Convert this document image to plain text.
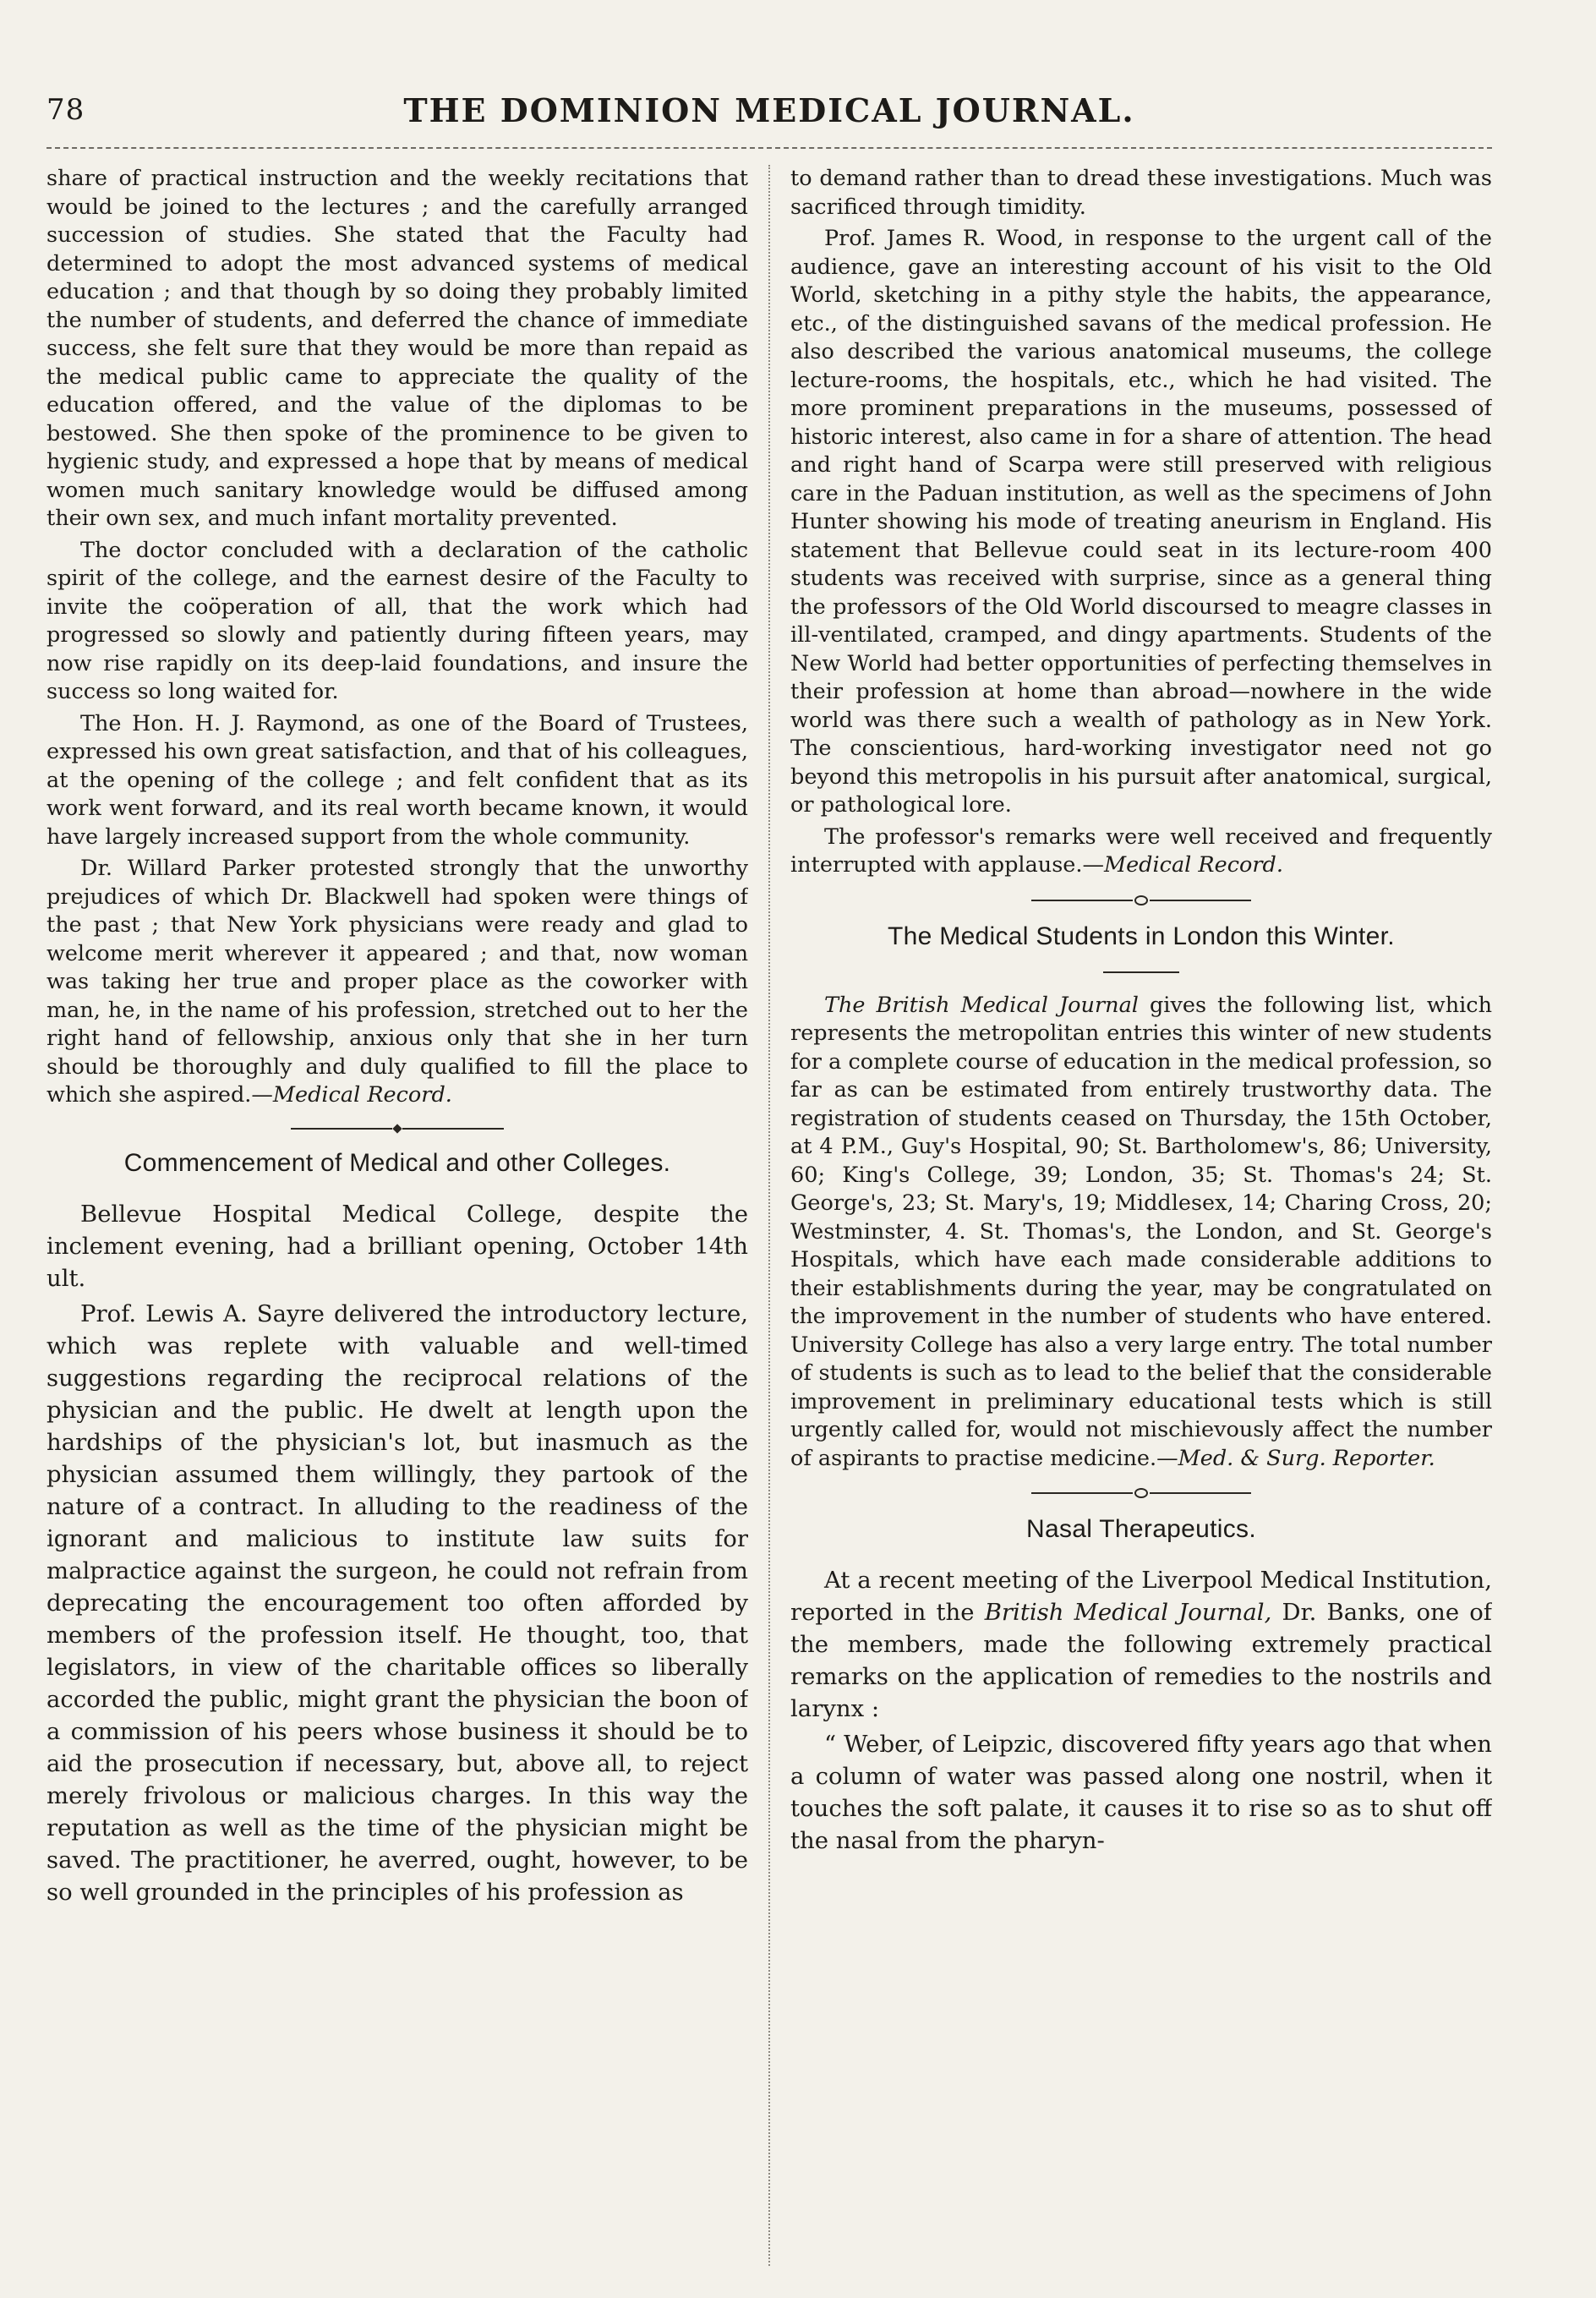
78	THE DOMINION MEDICAL JOURNAL.

share of practical instruction and the weekly recitations that would be joined to the lectures ; and the carefully arranged succession of studies. She stated that the Faculty had determined to adopt the most advanced systems of medical education ; and that though by so doing they probably limited the number of students, and deferred the chance of immediate success, she felt sure that they would be more than repaid as the medical public came to appreciate the quality of the education offered, and the value of the diplomas to be bestowed. She then spoke of the prominence to be given to hygienic study, and expressed a hope that by means of medical women much sanitary knowledge would be diffused among their own sex, and much infant mortality prevented.

The doctor concluded with a declaration of the catholic spirit of the college, and the earnest desire of the Faculty to invite the coöperation of all, that the work which had progressed so slowly and patiently during fifteen years, may now rise rapidly on its deep-laid foundations, and insure the success so long waited for.

The Hon. H. J. Raymond, as one of the Board of Trustees, expressed his own great satisfaction, and that of his colleagues, at the opening of the college ; and felt confident that as its work went forward, and its real worth became known, it would have largely increased support from the whole community.

Dr. Willard Parker protested strongly that the unworthy prejudices of which Dr. Blackwell had spoken were things of the past ; that New York physicians were ready and glad to welcome merit wherever it appeared ; and that, now woman was taking her true and proper place as the coworker with man, he, in the name of his profession, stretched out to her the right hand of fellowship, anxious only that she in her turn should be thoroughly and duly qualified to fill the place to which she aspired.—Medical Record.

Commencement of Medical and other Colleges.

Bellevue Hospital Medical College, despite the inclement evening, had a brilliant opening, October 14th ult.

Prof. Lewis A. Sayre delivered the introductory lecture, which was replete with valuable and well-timed suggestions regarding the reciprocal relations of the physician and the public. He dwelt at length upon the hardships of the physician's lot, but inasmuch as the physician assumed them willingly, they partook of the nature of a contract. In alluding to the readiness of the ignorant and malicious to institute law suits for malpractice against the surgeon, he could not refrain from deprecating the encouragement too often afforded by members of the profession itself. He thought, too, that legislators, in view of the charitable offices so liberally accorded the public, might grant the physician the boon of a commission of his peers whose business it should be to aid the prosecution if necessary, but, above all, to reject merely frivolous or malicious charges. In this way the reputation as well as the time of the physician might be saved. The practitioner, he averred, ought, however, to be so well grounded in the principles of his profession as

to demand rather than to dread these investigations. Much was sacrificed through timidity.

Prof. James R. Wood, in response to the urgent call of the audience, gave an interesting account of his visit to the Old World, sketching in a pithy style the habits, the appearance, etc., of the distinguished savans of the medical profession. He also described the various anatomical museums, the college lecture-rooms, the hospitals, etc., which he had visited. The more prominent preparations in the museums, possessed of historic interest, also came in for a share of attention. The head and right hand of Scarpa were still preserved with religious care in the Paduan institution, as well as the specimens of John Hunter showing his mode of treating aneurism in England. His statement that Bellevue could seat in its lecture-room 400 students was received with surprise, since as a general thing the professors of the Old World discoursed to meagre classes in ill-ventilated, cramped, and dingy apartments. Students of the New World had better opportunities of perfecting themselves in their profession at home than abroad—nowhere in the wide world was there such a wealth of pathology as in New York. The conscientious, hard-working investigator need not go beyond this metropolis in his pursuit after anatomical, surgical, or pathological lore.

The professor's remarks were well received and frequently interrupted with applause.—Medical Record.

The Medical Students in London this Winter.

The British Medical Journal gives the following list, which represents the metropolitan entries this winter of new students for a complete course of education in the medical profession, so far as can be estimated from entirely trustworthy data. The registration of students ceased on Thursday, the 15th October, at 4 P.M., Guy's Hospital, 90; St. Bartholomew's, 86; University, 60; King's College, 39; London, 35; St. Thomas's 24; St. George's, 23; St. Mary's, 19; Middlesex, 14; Charing Cross, 20; Westminster, 4. St. Thomas's, the London, and St. George's Hospitals, which have each made considerable additions to their establishments during the year, may be congratulated on the improvement in the number of students who have entered. University College has also a very large entry. The total number of students is such as to lead to the belief that the considerable improvement in preliminary educational tests which is still urgently called for, would not mischievously affect the number of aspirants to practise medicine.—Med. & Surg. Reporter.

Nasal Therapeutics.

At a recent meeting of the Liverpool Medical Institution, reported in the British Medical Journal, Dr. Banks, one of the members, made the following extremely practical remarks on the application of remedies to the nostrils and larynx :

“ Weber, of Leipzic, discovered fifty years ago that when a column of water was passed along one nostril, when it touches the soft palate, it causes it to rise so as to shut off the nasal from the pharyn-
